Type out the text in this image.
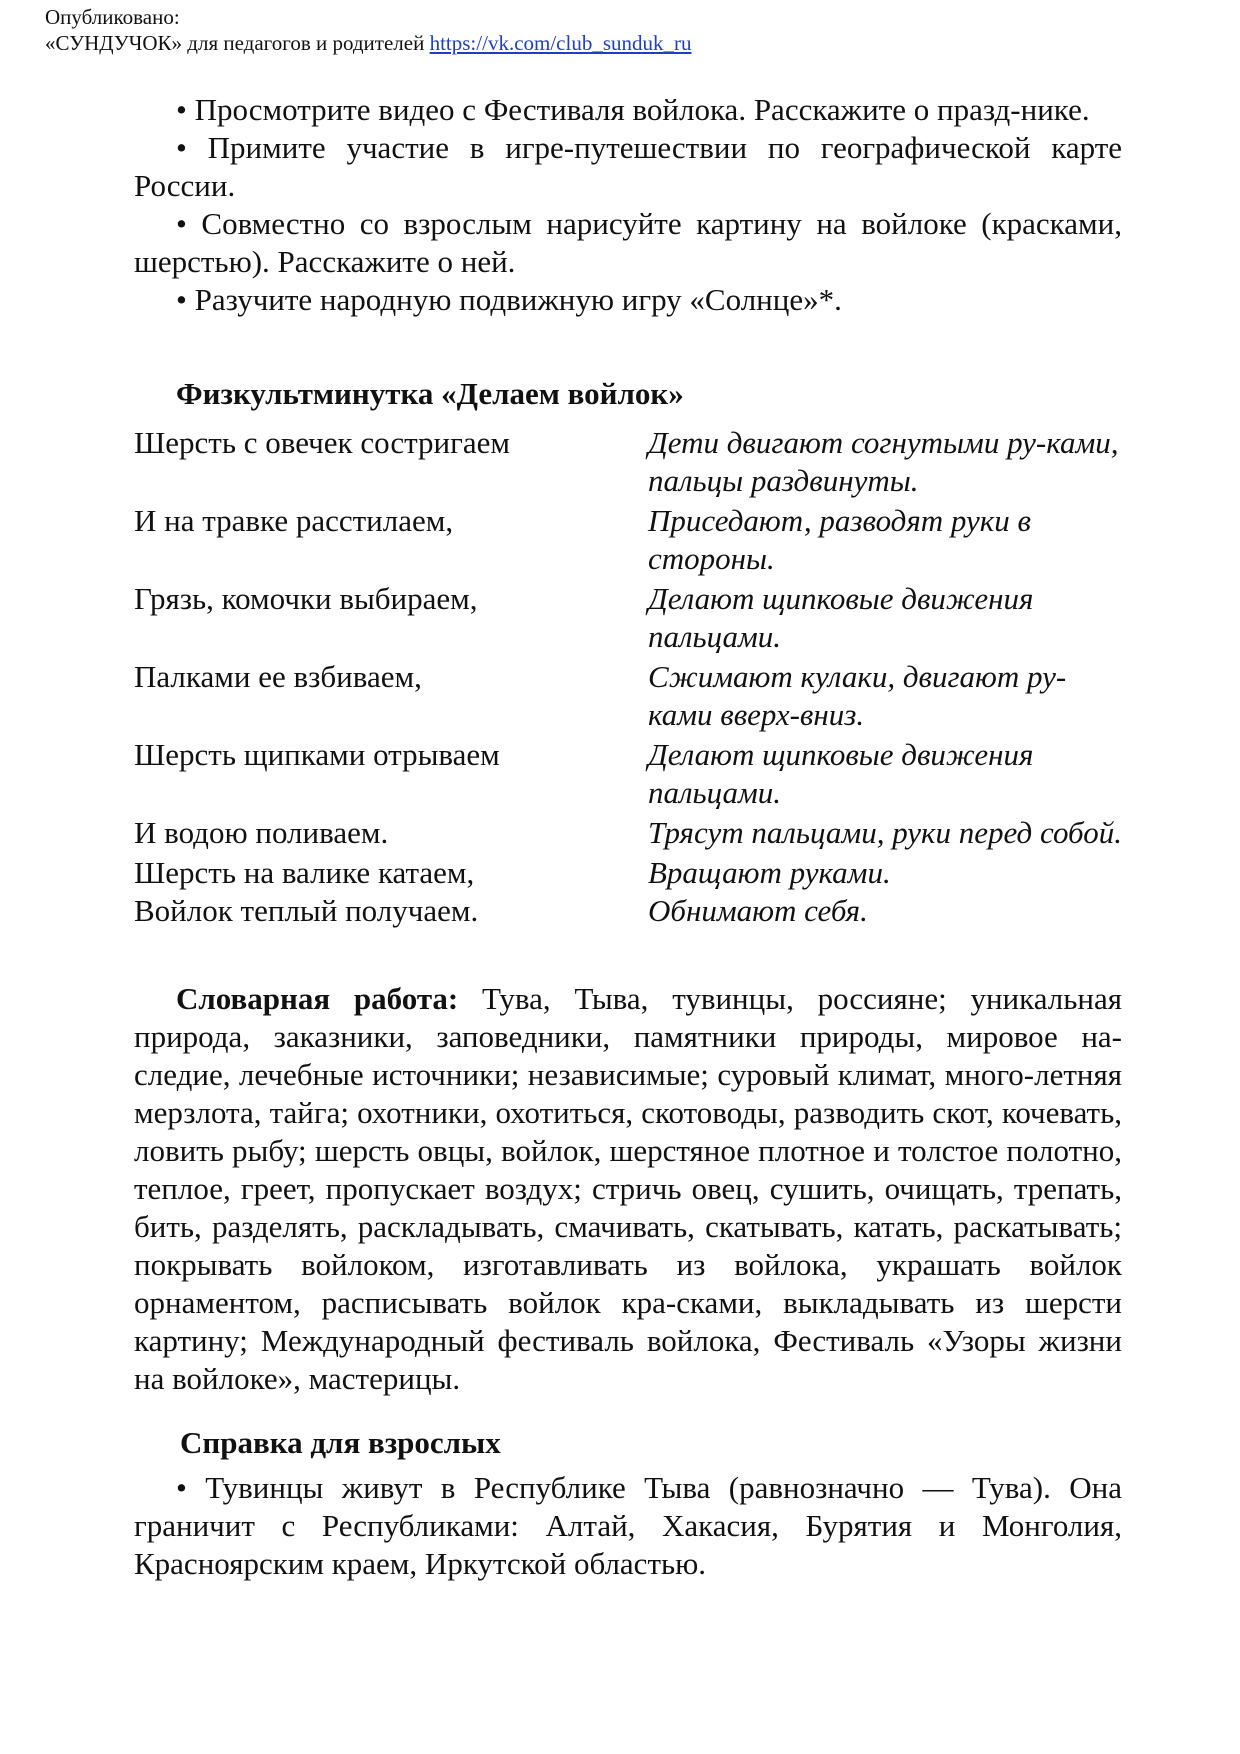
Опубликовано:
«СУНДУЧОК» для педагогов и родителей https://vk.com/club_sunduk_ru

• Просмотрите видео с Фестиваля войлока. Расскажите о празд-нике.

• Примите участие в игре-путешествии по географической карте России.

• Совместно со взрослым нарисуйте картину на войлоке (красками, шерстью). Расскажите о ней.

• Разучите народную подвижную игру «Солнце»*.

Физкультминутка «Делаем войлок»
Шерсть с овечек состригаем	Дети двигают согнутыми ру-ками, пальцы раздвинуты.
И на травке расстилаем,	Приседают, разводят руки в стороны.
Грязь, комочки выбираем,	Делают щипковые движения пальцами.
Палками ее взбиваем,	Сжимают кулаки, двигают ру-ками вверх-вниз.
Шерсть щипками отрываем	Делают щипковые движения пальцами.
И водою поливаем.	Трясут пальцами, руки перед собой.
Шерсть на валике катаем,	Вращают руками.
Войлок теплый получаем.	Обнимают себя.

Словарная работа: Тува, Тыва, тувинцы, россияне; уникальная природа, заказники, заповедники, памятники природы, мировое на-следие, лечебные источники; независимые; суровый климат, много-летняя мерзлота, тайга; охотники, охотиться, скотоводы, разводить скот, кочевать, ловить рыбу; шерсть овцы, войлок, шерстяное плотное и толстое полотно, теплое, греет, пропускает воздух; стричь овец, сушить, очищать, трепать, бить, разделять, раскладывать, смачивать, скатывать, катать, раскатывать; покрывать войлоком, изготавливать из войлока, украшать войлок орнаментом, расписывать войлок кра-сками, выкладывать из шерсти картину; Международный фестиваль войлока, Фестиваль «Узоры жизни на войлоке», мастерицы.

Справка для взрослых

• Тувинцы живут в Республике Тыва (равнозначно — Тува). Она граничит с Республиками: Алтай, Хакасия, Бурятия и Монголия, Красноярским краем, Иркутской областью.
